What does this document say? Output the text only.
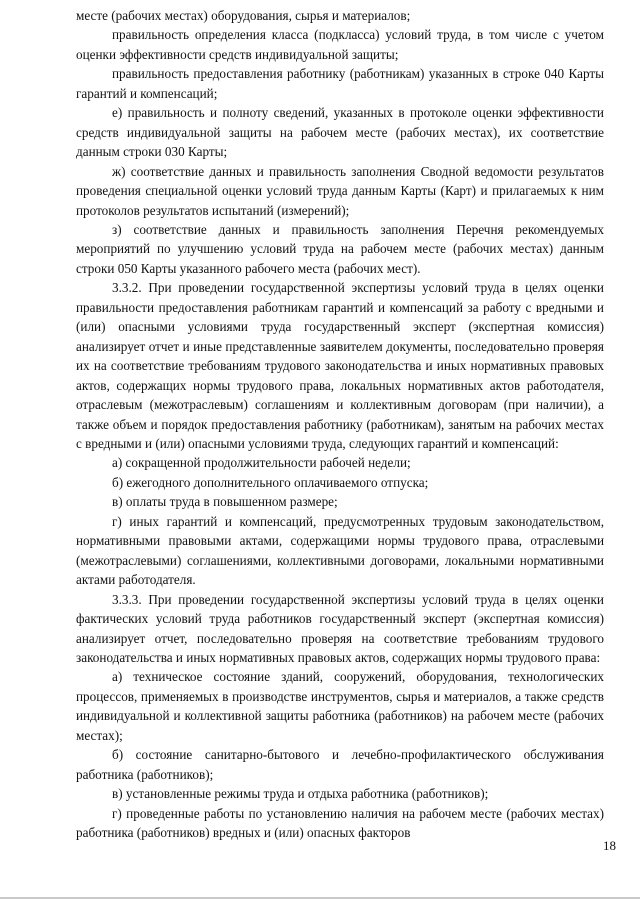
месте (рабочих местах) оборудования, сырья и материалов;

правильность определения класса (подкласса) условий труда, в том числе с учетом оценки эффективности средств индивидуальной защиты;

правильность предоставления работнику (работникам) указанных в строке 040 Карты гарантий и компенсаций;

е) правильность и полноту сведений, указанных в протоколе оценки эффективности средств индивидуальной защиты на рабочем месте (рабочих местах), их соответствие данным строки 030 Карты;

ж) соответствие данных и правильность заполнения Сводной ведомости результатов проведения специальной оценки условий труда данным Карты (Карт) и прилагаемых к ним протоколов результатов испытаний (измерений);

з) соответствие данных и правильность заполнения Перечня рекомендуемых мероприятий по улучшению условий труда на рабочем месте (рабочих местах) данным строки 050 Карты указанного рабочего места (рабочих мест).

3.3.2. При проведении государственной экспертизы условий труда в целях оценки правильности предоставления работникам гарантий и компенсаций за работу с вредными и (или) опасными условиями труда государственный эксперт (экспертная комиссия) анализирует отчет и иные представленные заявителем документы, последовательно проверяя их на соответствие требованиям трудового законодательства и иных нормативных правовых актов, содержащих нормы трудового права, локальных нормативных актов работодателя, отраслевым (межотраслевым) соглашениям и коллективным договорам (при наличии), а также объем и порядок предоставления работнику (работникам), занятым на рабочих местах с вредными и (или) опасными условиями труда, следующих гарантий и компенсаций:

а) сокращенной продолжительности рабочей недели;

б) ежегодного дополнительного оплачиваемого отпуска;

в) оплаты труда в повышенном размере;

г) иных гарантий и компенсаций, предусмотренных трудовым законодательством, нормативными правовыми актами, содержащими нормы трудового права, отраслевыми (межотраслевыми) соглашениями, коллективными договорами, локальными нормативными актами работодателя.

3.3.3. При проведении государственной экспертизы условий труда в целях оценки фактических условий труда работников государственный эксперт (экспертная комиссия) анализирует отчет, последовательно проверяя на соответствие требованиям трудового законодательства и иных нормативных правовых актов, содержащих нормы трудового права:

а) техническое состояние зданий, сооружений, оборудования, технологических процессов, применяемых в производстве инструментов, сырья и материалов, а также средств индивидуальной и коллективной защиты работника (работников) на рабочем месте (рабочих местах);

б) состояние санитарно-бытового и лечебно-профилактического обслуживания работника (работников);

в) установленные режимы труда и отдыха работника (работников);

г) проведенные работы по установлению наличия на рабочем месте (рабочих местах) работника (работников) вредных и (или) опасных факторов

18
